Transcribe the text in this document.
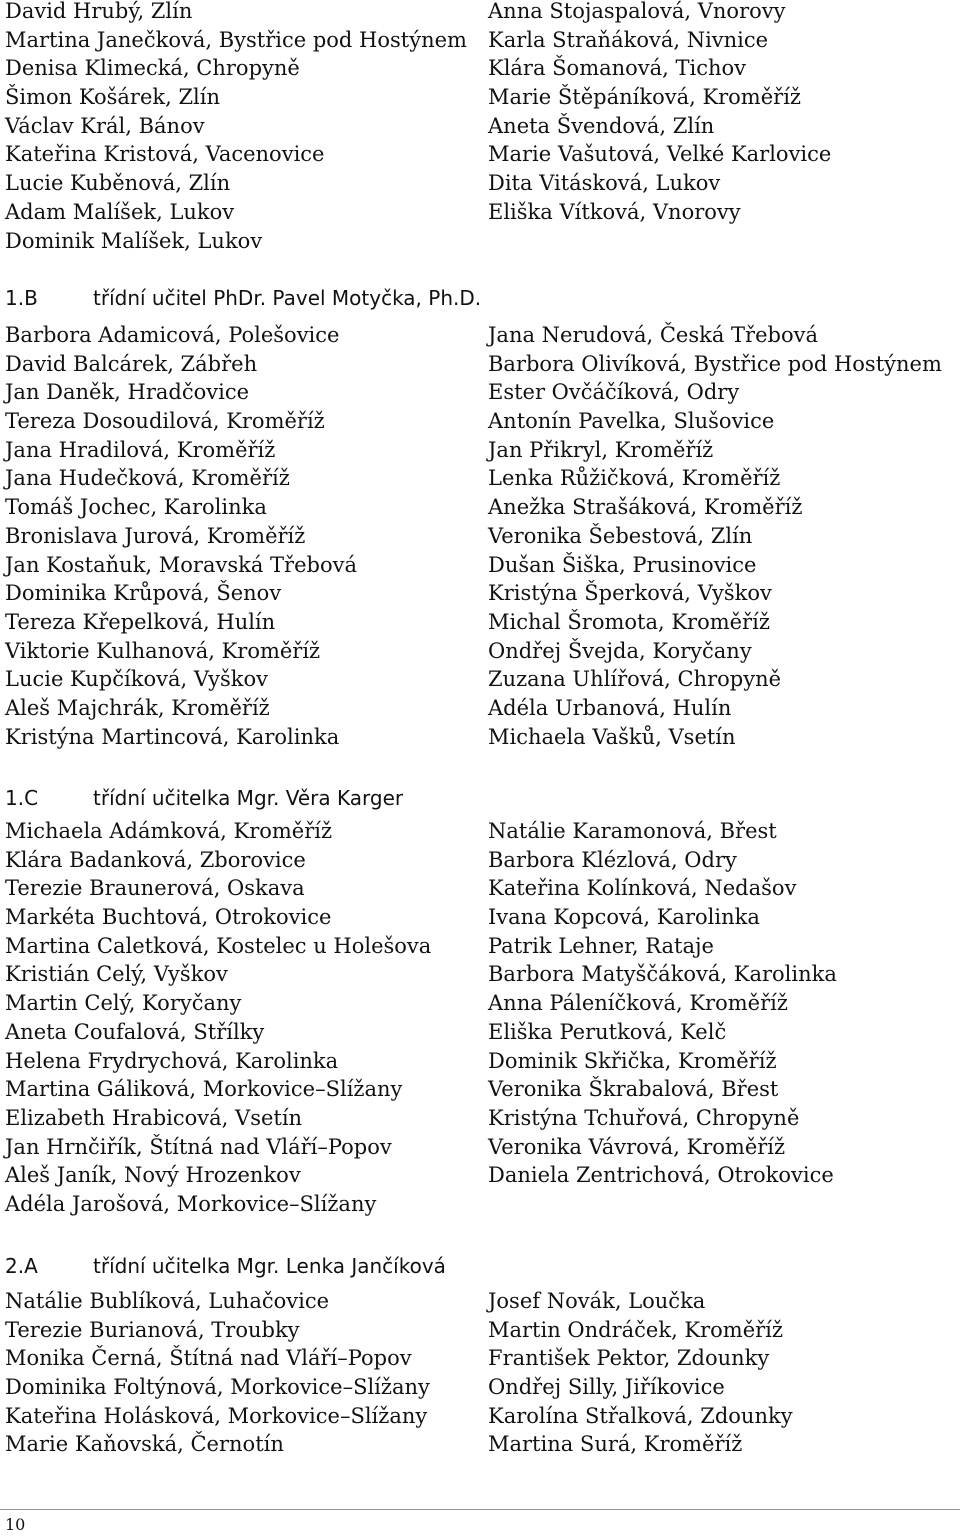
David Hrubý, Zlín
Martina Janečková, Bystřice pod Hostýnem
Denisa Klimecká, Chropyně
Šimon Košárek, Zlín
Václav Král, Bánov
Kateřina Kristová, Vacenovice
Lucie Kuběnová, Zlín
Adam Malíšek, Lukov
Dominik Malíšek, Lukov
Anna Stojaspalová, Vnorovy
Karla Straňáková, Nivnice
Klára Šomanová, Tichov
Marie Štěpáníková, Kroměříž
Aneta Švendová, Zlín
Marie Vašutová, Velké Karlovice
Dita Vitásková, Lukov
Eliška Vítková, Vnorovy
1.B	třídní učitel PhDr. Pavel Motyčka, Ph.D.
Barbora Adamicová, Polešovice
David Balcárek, Zábřeh
Jan Daněk, Hradčovice
Tereza Dosoudilová, Kroměříž
Jana Hradilová, Kroměříž
Jana Hudečková, Kroměříž
Tomáš Jochec, Karolinka
Bronislava Jurová, Kroměříž
Jan Kostaňuk, Moravská Třebová
Dominika Krůpová, Šenov
Tereza Křepelková, Hulín
Viktorie Kulhanová, Kroměříž
Lucie Kupčíková, Vyškov
Aleš Majchrák, Kroměříž
Kristýna Martincová, Karolinka
Jana Nerudová, Česká Třebová
Barbora Olivíková, Bystřice pod Hostýnem
Ester Ovčáčíková, Odry
Antonín Pavelka, Slušovice
Jan Přikryl, Kroměříž
Lenka Růžičková, Kroměříž
Anežka Strašáková, Kroměříž
Veronika Šebestová, Zlín
Dušan Šiška, Prusinovice
Kristýna Šperková, Vyškov
Michal Šromota, Kroměříž
Ondřej Švejda, Koryčany
Zuzana Uhlířová, Chropyně
Adéla Urbanová, Hulín
Michaela Vašků, Vsetín
1.C	třídní učitelka Mgr. Věra Karger
Michaela Adámková, Kroměříž
Klára Badanková, Zborovice
Terezie Braunerová, Oskava
Markéta Buchtová, Otrokovice
Martina Caletková, Kostelec u Holešova
Kristián Celý, Vyškov
Martin Celý, Koryčany
Aneta Coufalová, Střílky
Helena Frydrychová, Karolinka
Martina Gáliková, Morkovice–Slížany
Elizabeth Hrabicová, Vsetín
Jan Hrnčiřík, Štítná nad Vláří–Popov
Aleš Janík, Nový Hrozenkov
Adéla Jarošová, Morkovice–Slížany
Natálie Karamonová, Břest
Barbora Klézlová, Odry
Kateřina Kolínková, Nedašov
Ivana Kopcová, Karolinka
Patrik Lehner, Rataje
Barbora Matyščáková, Karolinka
Anna Páleníčková, Kroměříž
Eliška Perutková, Kelč
Dominik Skřička, Kroměříž
Veronika Škrabalová, Břest
Kristýna Tchuřová, Chropyně
Veronika Vávrová, Kroměříž
Daniela Zentrichová, Otrokovice
2.A	třídní učitelka Mgr. Lenka Jančíková
Natálie Bublíková, Luhačovice
Terezie Burianová, Troubky
Monika Černá, Štítná nad Vláří–Popov
Dominika Foltýnová, Morkovice–Slížany
Kateřina Holásková, Morkovice–Slížany
Marie Kaňovská, Černotín
Josef Novák, Loučka
Martin Ondráček, Kroměříž
František Pektor, Zdounky
Ondřej Silly, Jiříkovice
Karolína Střalková, Zdounky
Martina Surá, Kroměříž
10
